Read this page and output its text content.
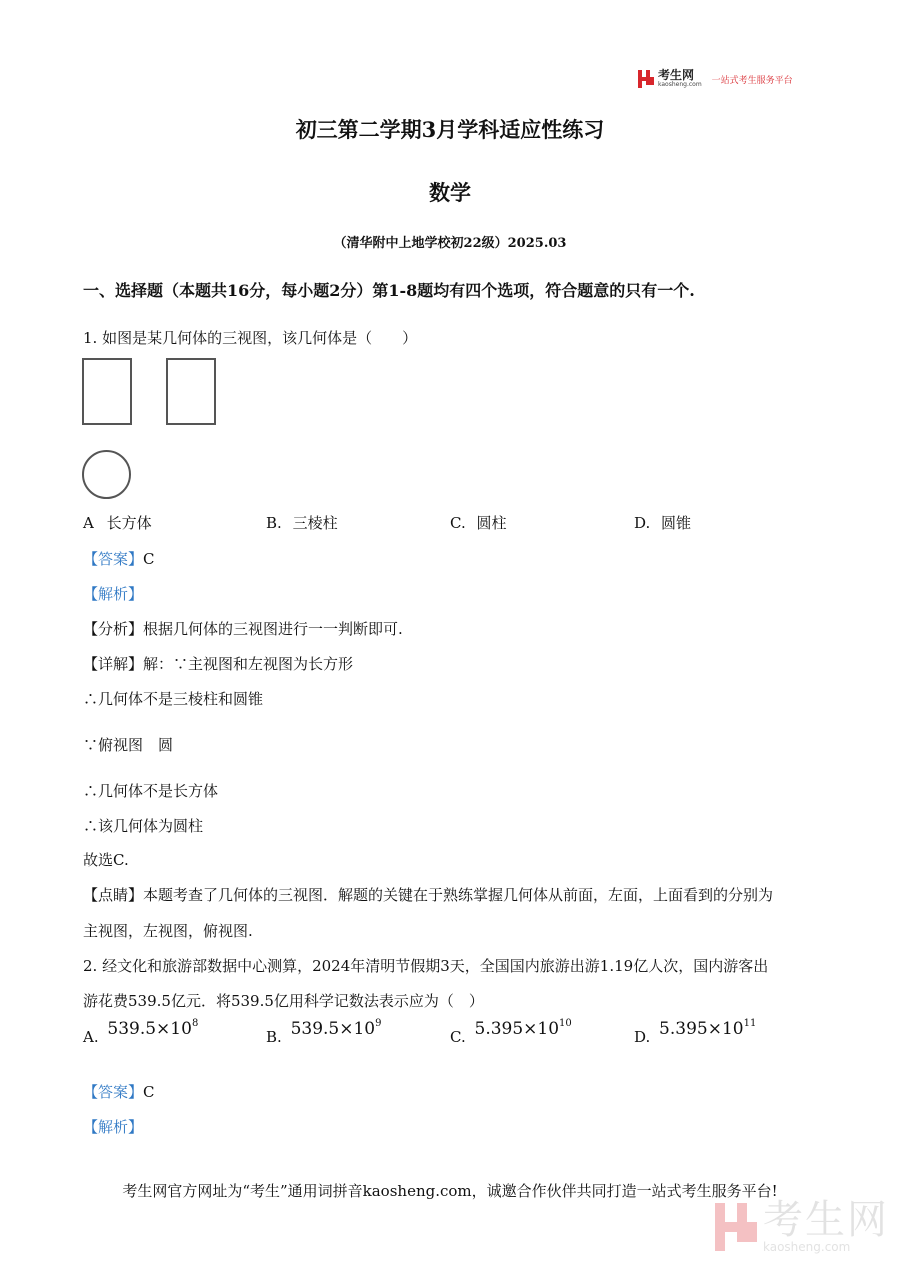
考生网
kaosheng.com 一站式考生服务平台
初三第二学期3月学科适应性练习
数学
（清华附中上地学校初22级）2025.03
一、选择题（本题共16分，每小题2分）第1-8题均有四个选项，符合题意的只有一个.
1. 如图是某几何体的三视图，该几何体是（　　）
A 长方体	B. 三棱柱	C. 圆柱	D. 圆锥
【答案】C
【解析】
【分析】根据几何体的三视图进行一一判断即可.
【详解】解：∵主视图和左视图为长方形
∴几何体不是三棱柱和圆锥
∵俯视图　圆
∴几何体不是长方体
∴该几何体为圆柱
故选C.
【点睛】本题考查了几何体的三视图．解题的关键在于熟练掌握几何体从前面，左面，上面看到的分别为
主视图，左视图，俯视图.
2. 经文化和旅游部数据中心测算，2024年清明节假期3天，全国国内旅游出游1.19亿人次，国内游客出
游花费539.5亿元．将539.5亿用科学记数法表示应为（　）
A. $539.5\times 10^8$
B. $539.5\times 10^9$
C. $5.395\times 10^{10}$
D. $5.395\times 10^{11}$
【答案】C
【解析】
考生网官方网址为“考生”通用词拼音kaosheng.com，诚邀合作伙伴共同打造一站式考生服务平台!
考生网
kaosheng.com
